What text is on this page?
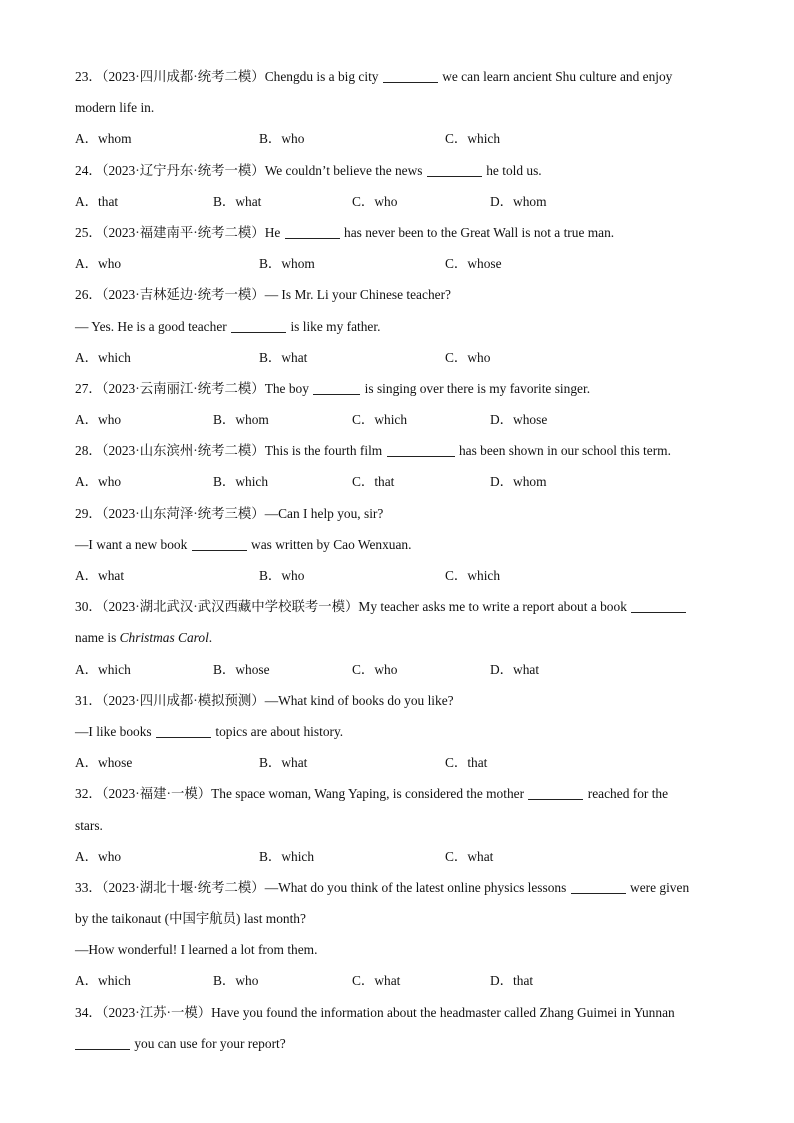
23．（2023·四川成都·统考二模）Chengdu is a big city	we can learn ancient Shu culture and enjoy
modern life in.
A．whom	B．who	C．which
24．（2023·辽宁丹东·统考一模）We couldn’t believe the news	he told us.
A．that	B．what	C．who	D．whom
25．（2023·福建南平·统考二模）He	has never been to the Great Wall is not a true man.
A．who	B．whom	C．whose
26．（2023·吉林延边·统考一模）— Is Mr. Li your Chinese teacher?
— Yes. He is a good teacher	is like my father.
A．which	B．what	C．who
27．（2023·云南丽江·统考二模）The boy	is singing over there is my favorite singer.
A．who	B．whom	C．which	D．whose
28．（2023·山东滨州·统考二模）This is the fourth film	has been shown in our school this term.
A．who	B．which	C．that	D．whom
29．（2023·山东菏泽·统考三模）—Can I help you, sir?
—I want a new book	was written by Cao Wenxuan.
A．what	B．who	C．which
30．（2023·湖北武汉·武汉西藏中学校联考一模）My teacher asks me to write a report about a book
name is Christmas Carol.
A．which	B．whose	C．who	D．what
31．（2023·四川成都·模拟预测）—What kind of books do you like?
—I like books	topics are about history.
A．whose	B．what	C．that
32．（2023·福建·一模）The space woman, Wang Yaping, is considered the mother	reached for the
stars.
A．who	B．which	C．what
33．（2023·湖北十堰·统考二模）—What do you think of the latest online physics lessons	were given
by the taikonaut (中国宇航员) last month?
—How wonderful! I learned a lot from them.
A．which	B．who	C．what	D．that
34．（2023·江苏·一模）Have you found the information about the headmaster called Zhang Guimei in Yunnan
you can use for your report?
